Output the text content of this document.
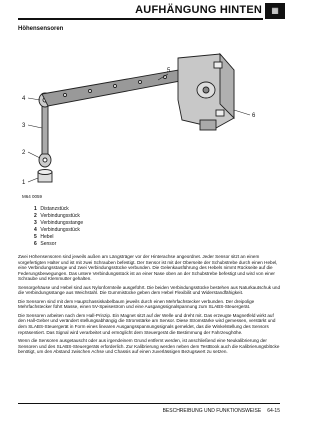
AUFHÄNGUNG HINTEN	▦
Höhensensoren
1
2
3
4
5
6
M64 0059
1 Distanzstück
2 Verbindungsstück
3 Verbindungsstange
4 Verbindungsstück
5 Hebel
6 Sensor

Zwei Höhensensoren sind jeweils außen am Längsträger vor der Hinterachse angeordnet. Jeder Sensor sitzt an einem vorgefertigten Halter und ist mit zwei Schrauben befestigt. Der Sensor ist mit der Oberseite der Schubstrebe durch einen Hebel, eine Verbindungsstange und zwei Verbindungsstücke verbunden. Die Gelenkausführung des Hebels nimmt Rückseite auf die Federungsbewegungen. Das untere Verbindungsstück ist an einer Nase oben an der Schubstrebe befestigt und wird von einer Schraube und Klemmutter gehalten.

Sensorgehäuse und Hebel sind aus Nylonformteile ausgeführt. Die beiden Verbindungsstücke bestehen aus Naturkautschuk und die Verbindungsstange aus Weichstahl. Die Gummistücke geben dem Hebel Flexibilit und Widerstandfähigkeit.

Die Sensoren sind mit dem Hauptchassiskabelbaum jeweils durch einen Mehrfachstecker verbunden. Der dreipolige Mehrfachstecker führt Masse, einen 5V-Speisestrom und eine Ausgangssignalspannung zum SLABS-Steuergerät.

Die Sensoren arbeiten nach dem Hall-Prinzip. Ein Magnet sitzt auf der Welle und dreht mit. Das erzeugte Magnetfeld wirkt auf den Hall-Geber und verändert stellungsabhängig die Stromstärke am Sensor. Diese Stromstärke wird gemessen, verstärkt und dem SLABS-Steuergerät in Form eines linearen Ausgangsspannungssignals gemeldet, das die Winkelstellung des Sensors repräsentiert. Das Signal wird verarbeitet und ermöglicht dem Steuergerät die Bestimmung der Fahrzeughöhe.

Wenn die Sensoren ausgetauscht oder aus irgendeinem Grund entfernt werden, ist anschließend eine Neukalibrierung der Sensoren und des SLABS-Steuergeräts erforderlich. Zur Kalibrierung werden neben dem TestBook auch die Kalibrierungsblöcke benötigt, um den Abstand zwischen Achse und Chassis auf einen zuverlässigen Bezugswert zu setzen.

BESCHREIBUNG UND FUNKTIONSWEISE 64-15
